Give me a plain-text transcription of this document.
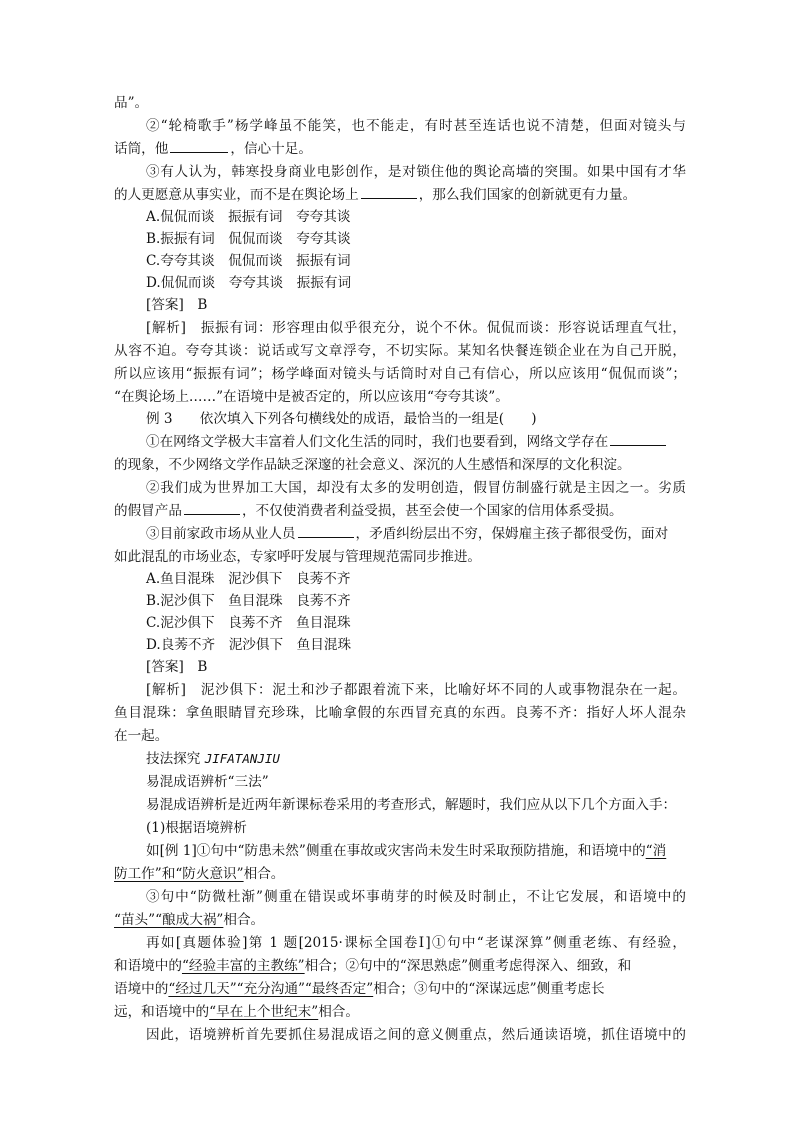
品”。
②“轮椅歌手”杨学峰虽不能笑，也不能走，有时甚至连话也说不清楚，但面对镜头与
话筒，他	，信心十足。
③有人认为，韩寒投身商业电影创作，是对锁住他的舆论高墙的突围。如果中国有才华
的人更愿意从事实业，而不是在舆论场上	，那么我们国家的创新就更有力量。
A.侃侃而谈　振振有词　夸夸其谈
B.振振有词　侃侃而谈　夸夸其谈
C.夸夸其谈　侃侃而谈　振振有词
D.侃侃而谈　夸夸其谈　振振有词
[答案]　B
[解析]　振振有词：形容理由似乎很充分，说个不休。侃侃而谈：形容说话理直气壮，
从容不迫。夸夸其谈：说话或写文章浮夸，不切实际。某知名快餐连锁企业在为自己开脱，
所以应该用“振振有词”；杨学峰面对镜头与话筒时对自己有信心，所以应该用“侃侃而谈”；
“在舆论场上……”在语境中是被否定的，所以应该用“夸夸其谈”。
例 3　　依次填入下列各句横线处的成语，最恰当的一组是(　　)
①在网络文学极大丰富着人们文化生活的同时，我们也要看到，网络文学存在
的现象，不少网络文学作品缺乏深邃的社会意义、深沉的人生感悟和深厚的文化积淀。
②我们成为世界加工大国，却没有太多的发明创造，假冒仿制盛行就是主因之一。劣质
的假冒产品	，不仅使消费者利益受损，甚至会使一个国家的信用体系受损。
③目前家政市场从业人员	，矛盾纠纷层出不穷，保姆雇主孩子都很受伤，面对
如此混乱的市场业态，专家呼吁发展与管理规范需同步推进。
A.鱼目混珠　泥沙俱下　良莠不齐
B.泥沙俱下　鱼目混珠　良莠不齐
C.泥沙俱下　良莠不齐　鱼目混珠
D.良莠不齐　泥沙俱下　鱼目混珠
[答案]　B
[解析]　泥沙俱下：泥土和沙子都跟着流下来，比喻好坏不同的人或事物混杂在一起。
鱼目混珠：拿鱼眼睛冒充珍珠，比喻拿假的东西冒充真的东西。良莠不齐：指好人坏人混杂
在一起。
技法探究 JIFATANJIU
易混成语辨析“三法”
易混成语辨析是近两年新课标卷采用的考查形式，解题时，我们应从以下几个方面入手：
(1)根据语境辨析
如[例 1]①句中“防患未然”侧重在事故或灾害尚未发生时采取预防措施，和语境中的“消
防工作”和“防火意识”相合。
③句中“防微杜渐”侧重在错误或坏事萌芽的时候及时制止，不让它发展，和语境中的
“苗头”“酿成大祸”相合。
再如[真题体验]第 1 题[2015·课标全国卷Ⅰ]①句中“老谋深算”侧重老练、有经验，
和语境中的“经验丰富的主教练”相合；②句中的“深思熟虑”侧重考虑得深入、细致，和
语境中的“经过几天”“充分沟通”“最终否定”相合；③句中的“深谋远虑”侧重考虑长
远，和语境中的“早在上个世纪末”相合。
因此，语境辨析首先要抓住易混成语之间的意义侧重点，然后通读语境，抓住语境中的
